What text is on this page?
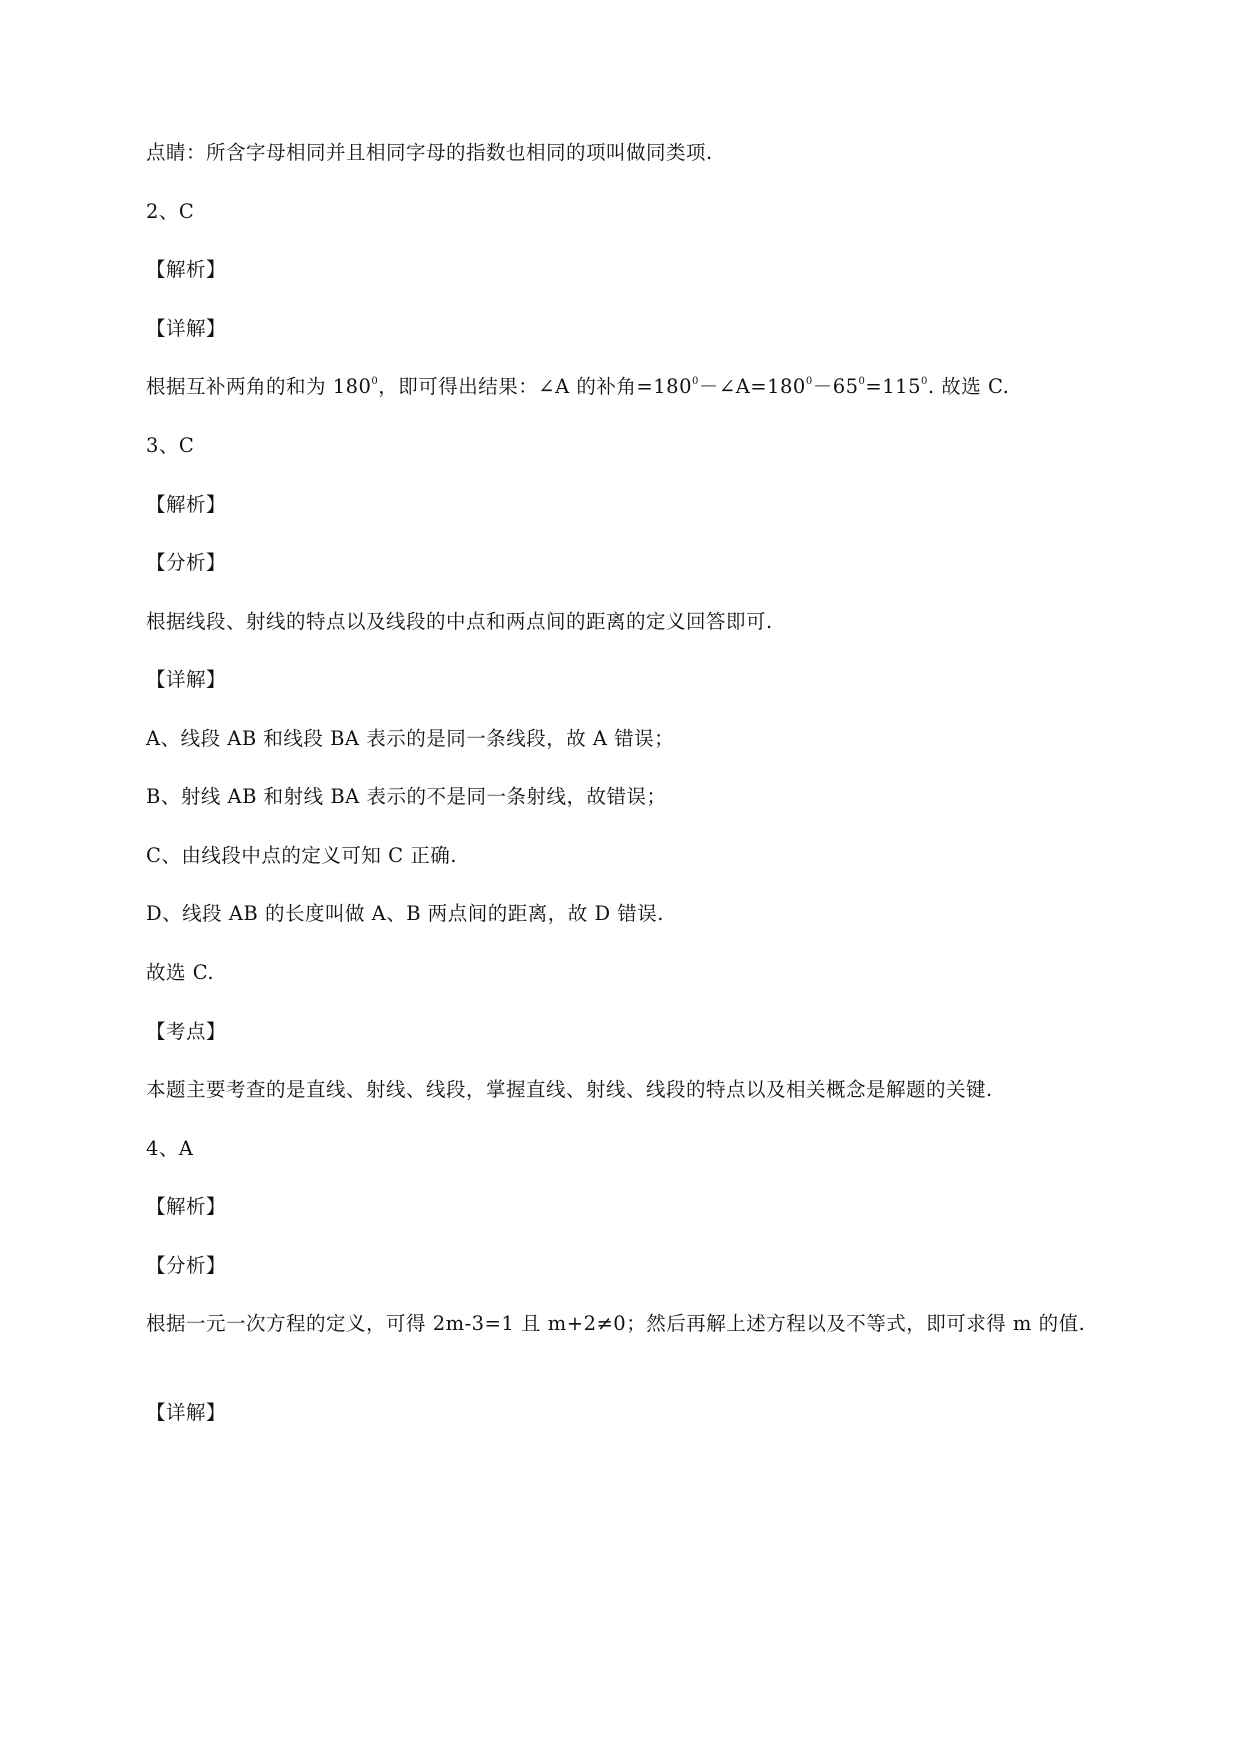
点睛：所含字母相同并且相同字母的指数也相同的项叫做同类项.
2、C
【解析】
【详解】
根据互补两角的和为 $180^0$，即可得出结果：∠A 的补角$=180^0-\angle A=180^0-65^0=115^0$. 故选 C.
3、C
【解析】
【分析】
根据线段、射线的特点以及线段的中点和两点间的距离的定义回答即可.
【详解】
A、线段 AB 和线段 BA 表示的是同一条线段，故 A 错误；
B、射线 AB 和射线 BA 表示的不是同一条射线，故错误；
C、由线段中点的定义可知 C 正确.
D、线段 AB 的长度叫做 A、B 两点间的距离，故 D 错误.
故选 C.
【考点】
本题主要考查的是直线、射线、线段，掌握直线、射线、线段的特点以及相关概念是解题的关键.
4、A
【解析】
【分析】
根据一元一次方程的定义，可得 2m-3=1 且 m+2≠0；然后再解上述方程以及不等式，即可求得 m 的值.
【详解】
